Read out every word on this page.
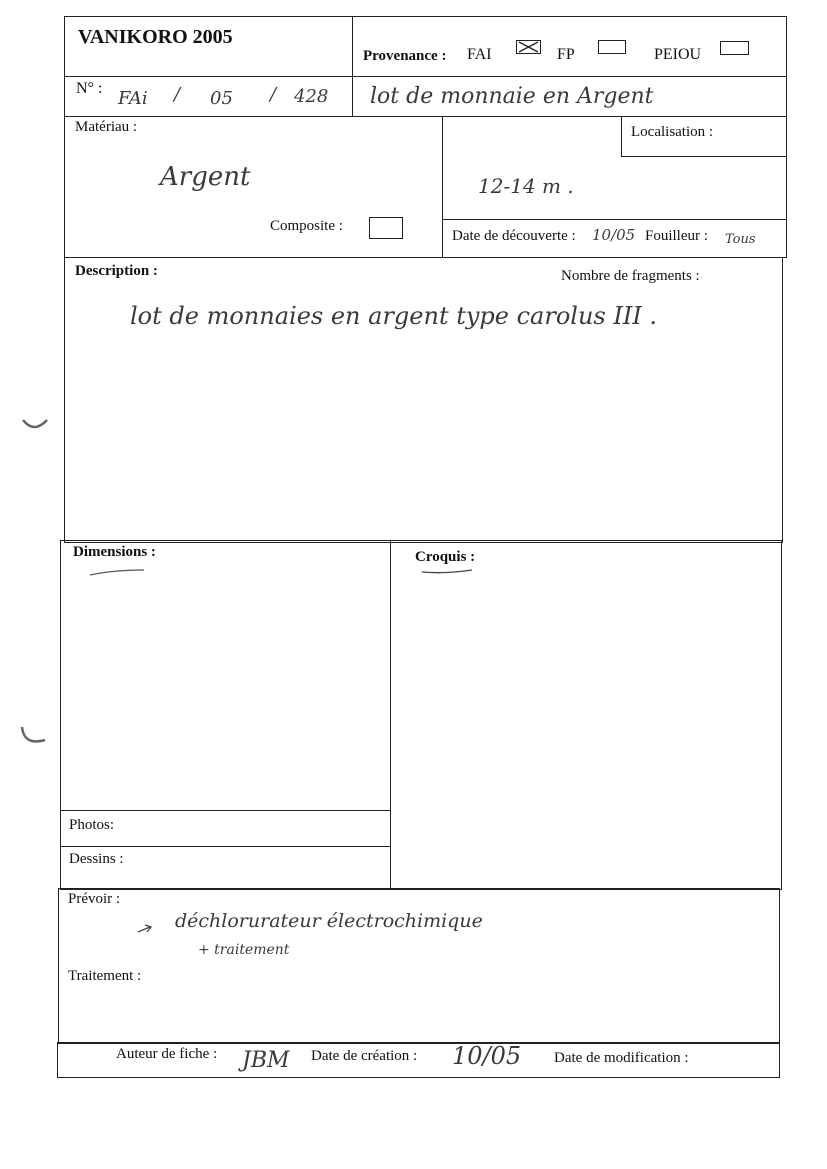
VANIKORO 2005
Provenance : FAI	FP	PEIOU
N° : FAi / 05 / 428 lot de monnaie en Argent
Matériau :
Argent
Composite :
Localisation :
12-14 m .
Date de découverte : 10/05 Fouilleur : Tous
Description :	Nombre de fragments :
lot de monnaies en argent type carolus III .
Dimensions :	Croquis :
Photos:
Dessins :
Prévoir :
déchlorurateur électrochimique
+ traitement
Traitement :
Auteur de fiche : JBM Date de création : 10/05 Date de modification :
